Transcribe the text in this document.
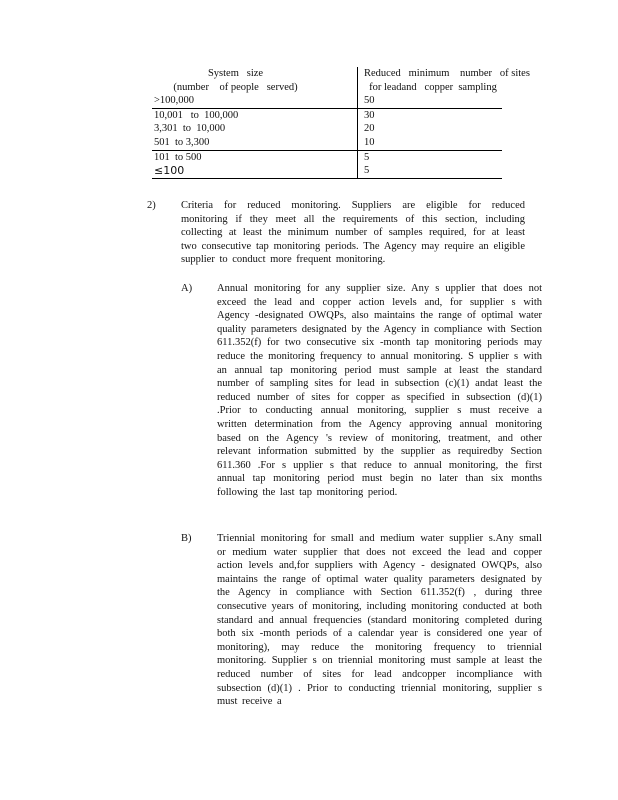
System   size
(number    of people   served)
Reduced   minimum    number   of sites
for leadand   copper  sampling
>100,000	50
10,001   to  100,000	30
3,301  to  10,000	20
501  to 3,300	10
101  to 500	5
≤100	5
2) Criteria for reduced monitoring. Suppliers are eligible for reduced monitoring if they meet all the requirements of this section, including collecting at least the minimum number of samples required, for at least two consecutive tap monitoring periods. The Agency may require an eligible supplier to conduct more frequent monitoring.
A) Annual monitoring for any supplier size. Any s upplier that does not exceed the lead and copper action levels and, for supplier s with Agency -designated OWQPs, also maintains the range of optimal water quality parameters designated by the Agency in compliance with Section 611.352(f) for two consecutive six -month tap monitoring periods may reduce the monitoring frequency to annual monitoring. S upplier s with an annual tap monitoring period must sample at least the standard number of sampling sites for lead in subsection (c)(1) andat least the reduced number of sites for copper as specified in subsection (d)(1) .Prior to conducting annual monitoring, supplier s must receive a written determination from the Agency approving annual monitoring based on the Agency 's review of monitoring, treatment, and other relevant information submitted by the supplier as requiredby Section 611.360 .For s upplier s that reduce to annual monitoring, the first annual tap monitoring period must begin no later than six months following the last tap monitoring period.
B) Triennial monitoring for small and medium water supplier s.Any small or medium water supplier that does not exceed the lead and copper action levels and,for suppliers with Agency - designated OWQPs, also maintains the range of optimal water quality parameters designated by the Agency in compliance with Section 611.352(f) , during three consecutive years of monitoring, including monitoring conducted at both standard and annual frequencies (standard monitoring completed during both six -month periods of a calendar year is considered one year of monitoring), may reduce the monitoring frequency to triennial monitoring. Supplier s on triennial monitoring must sample at least the reduced number of sites for lead andcopper incompliance with subsection (d)(1) . Prior to conducting triennial monitoring, supplier s must receive a
